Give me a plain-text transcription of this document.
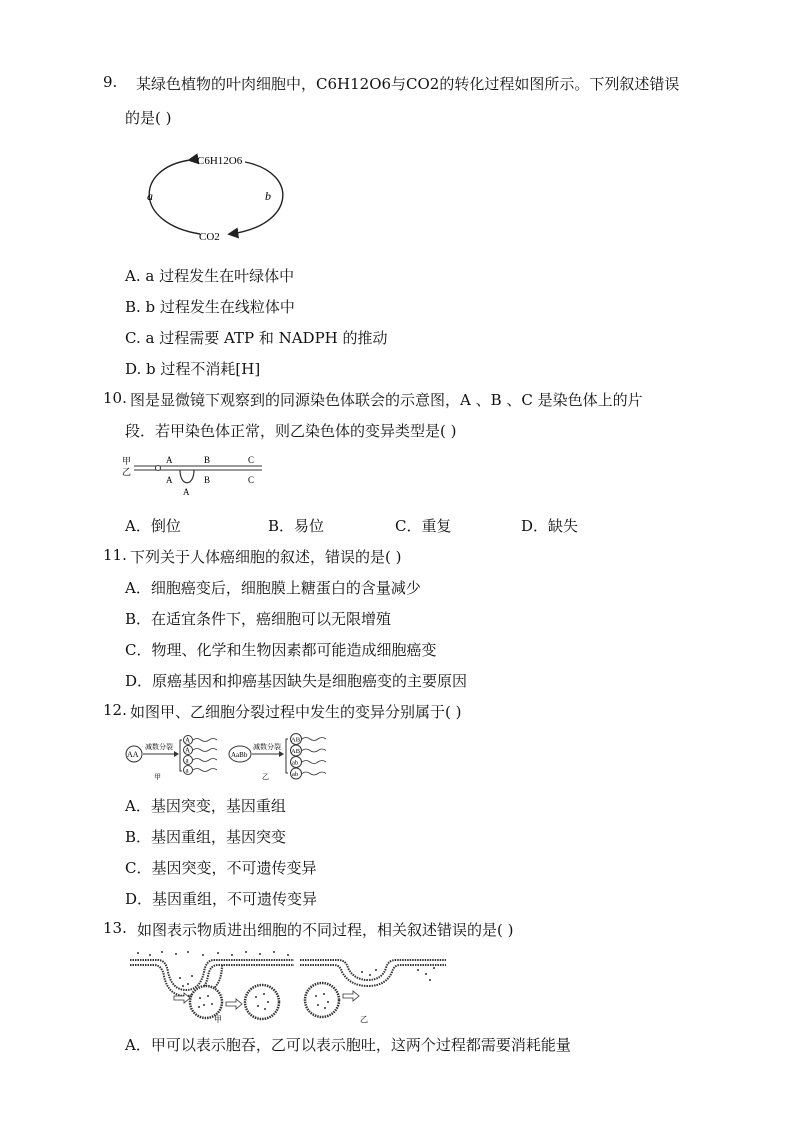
9. 某绿色植物的叶肉细胞中，C6H12O6与CO2的转化过程如图所示。下列叙述错误
的是( )
C6H12O6
a	b
CO2
A. a 过程发生在叶绿体中
B. b 过程发生在线粒体中
C. a 过程需要 ATP 和 NADPH 的推动
D. b 过程不消耗[H]
10. 图是显微镜下观察到的同源染色体联会的示意图，A 、B 、C 是染色体上的片
段．若甲染色体正常，则乙染色体的变异类型是( )
甲
乙
A	B	C
A
A
B	C
A．倒位	B．易位	C．重复	D．缺失
11. 下列关于人体癌细胞的叙述，错误的是( )
A．细胞癌变后，细胞膜上糖蛋白的含量减少
B．在适宜条件下，癌细胞可以无限增殖
C．物理、化学和生物因素都可能造成细胞癌变
D．原癌基因和抑癌基因缺失是细胞癌变的主要原因
12. 如图甲、乙细胞分裂过程中发生的变异分别属于( )
AA
减数分裂
甲
A
A
a
a
AaBb
减数分裂
乙
AB
AB
ab
ab
A．基因突变，基因重组
B．基因重组，基因突变
C．基因突变，不可遗传变异
D．基因重组，不可遗传变异
13. 如图表示物质进出细胞的不同过程，相关叙述错误的是( )
甲	乙
A．甲可以表示胞吞，乙可以表示胞吐，这两个过程都需要消耗能量
